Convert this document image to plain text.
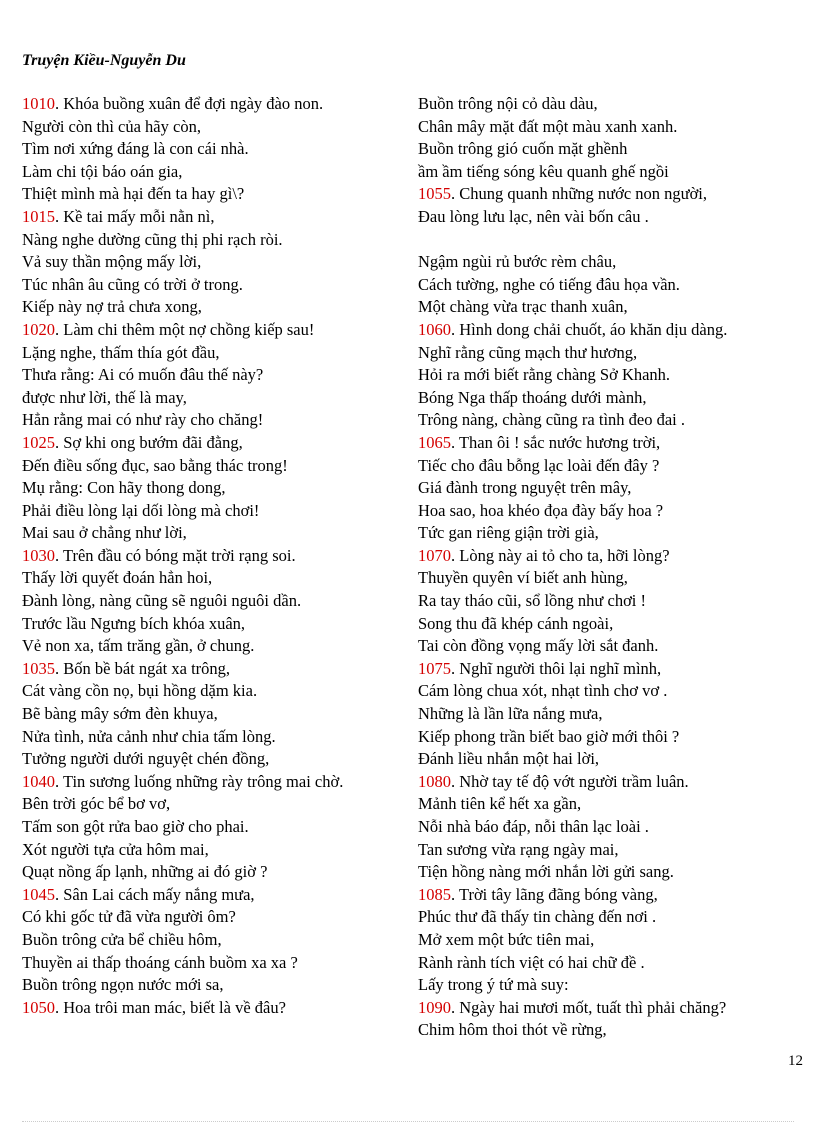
Truyện Kiều-Nguyễn Du
1010. Khóa buồng xuân để đợi ngày đào non.
Người còn thì của hãy còn,
Tìm nơi xứng đáng là con cái nhà.
Làm chi tội báo oán gia,
Thiệt mình mà hại đến ta hay gì\?
1015. Kề tai mấy mỗi nằn nì,
Nàng nghe dường cũng thị phi rạch ròi.
Vả suy thần mộng mấy lời,
Túc nhân âu cũng có trời ở trong.
Kiếp này nợ trả chưa xong,
1020. Làm chi thêm một nợ chồng kiếp sau!
Lặng nghe, thấm thía gót đầu,
Thưa rằng: Ai có muốn đâu thế này?
được như lời, thế là may,
Hẳn rằng mai có như rày cho chăng!
1025. Sợ khi ong bướm đãi đằng,
Đến điều sống đục, sao bằng thác trong!
Mụ rằng: Con hãy thong dong,
Phải điều lòng lại dối lòng mà chơi!
Mai sau ở chẳng như lời,
1030. Trên đầu có bóng mặt trời rạng soi.
Thấy lời quyết đoán hẳn hoi,
Đành lòng, nàng cũng sẽ nguôi nguôi dần.
Trước lầu Ngưng bích khóa xuân,
Vẻ non xa, tấm trăng gần, ở chung.
1035. Bốn bề bát ngát xa trông,
Cát vàng cồn nọ, bụi hồng dặm kia.
Bẽ bàng mây sớm đèn khuya,
Nửa tình, nửa cảnh như chia tấm lòng.
Tưởng người dưới nguyệt chén đồng,
1040. Tin sương luống những rày trông mai chờ.
Bên trời góc bể bơ vơ,
Tấm son gột rửa bao giờ cho phai.
Xót người tựa cửa hôm mai,
Quạt nồng ấp lạnh, những ai đó giờ ?
1045. Sân Lai cách mấy nắng mưa,
Có khi gốc tử đã vừa người ôm?
Buồn trông cửa bể chiều hôm,
Thuyền ai thấp thoáng cánh buồm xa xa ?
Buồn trông ngọn nước mới sa,
1050. Hoa trôi man mác, biết là về đâu?
Buồn trông nội cỏ dàu dàu,
Chân mây mặt đất một màu xanh xanh.
Buồn trông gió cuốn mặt ghềnh
ầm ầm tiếng sóng kêu quanh ghế ngồi
1055. Chung quanh những nước non người,
Đau lòng lưu lạc, nên vài bốn câu .
Ngậm ngùi rủ bước rèm châu,
Cách tường, nghe có tiếng đâu họa vần.
Một chàng vừa trạc thanh xuân,
1060. Hình dong chải chuốt, áo khăn dịu dàng.
Nghĩ rằng cũng mạch thư hương,
Hỏi ra mới biết rằng chàng Sở Khanh.
Bóng Nga thấp thoáng dưới mành,
Trông nàng, chàng cũng ra tình đeo đai .
1065. Than ôi ! sắc nước hương trời,
Tiếc cho đâu bỗng lạc loài đến đây ?
Giá đành trong nguyệt trên mây,
Hoa sao, hoa khéo đọa đày bấy hoa ?
Tức gan riêng giận trời già,
1070. Lòng này ai tỏ cho ta, hỡi lòng?
Thuyền quyên ví biết anh hùng,
Ra tay tháo cũi, sổ lồng như chơi !
Song thu đã khép cánh ngoài,
Tai còn đồng vọng mấy lời sắt đanh.
1075. Nghĩ người thôi lại nghĩ mình,
Cám lòng chua xót, nhạt tình chơ vơ .
Những là lần lữa nắng mưa,
Kiếp phong trần biết bao giờ mới thôi ?
Đánh liều nhắn một hai lời,
1080. Nhờ tay tế độ vớt người trầm luân.
Mảnh tiên kể hết xa gần,
Nỗi nhà báo đáp, nỗi thân lạc loài .
Tan sương vừa rạng ngày mai,
Tiện hồng nàng mới nhắn lời gửi sang.
1085. Trời tây lãng đãng bóng vàng,
Phúc thư đã thấy tin chàng đến nơi .
Mở xem một bức tiên mai,
Rành rành tích việt có hai chữ đề .
Lấy trong ý tứ mà suy:
1090. Ngày hai mươi mốt, tuất thì phải chăng?
Chim hôm thoi thót về rừng,
12
